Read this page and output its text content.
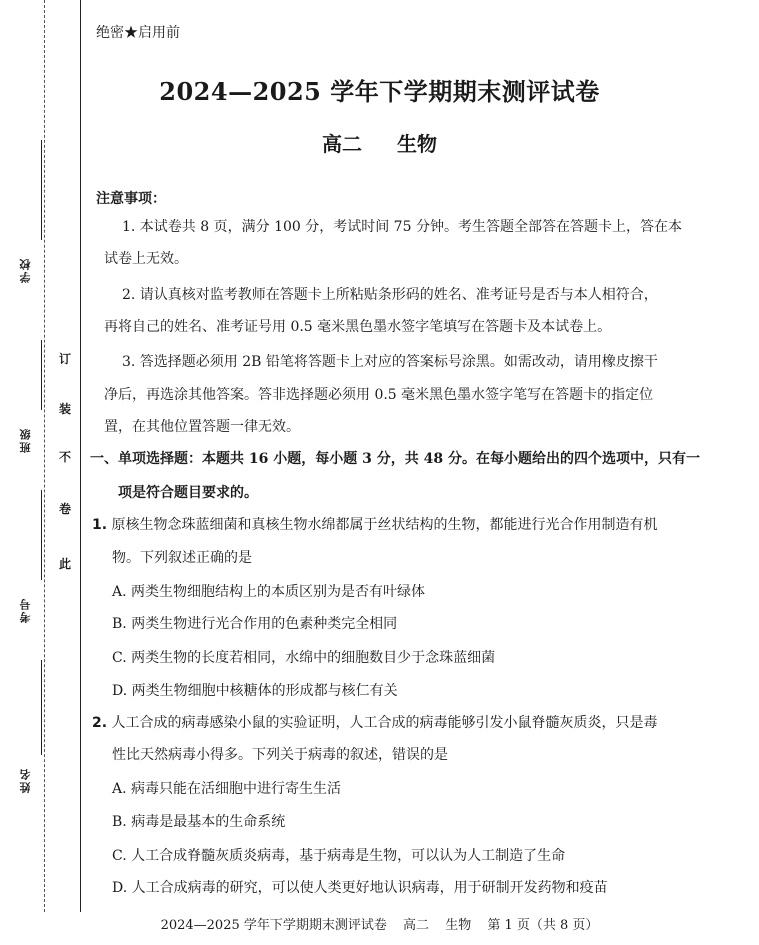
学校
班级
考号
姓名
此
卷
不
装
订
绝密★启用前
2024—2025 学年下学期期末测评试卷
高二 生物
注意事项：
1. 本试卷共 8 页，满分 100 分，考试时间 75 分钟。考生答题全部答在答题卡上，答在本
试卷上无效。
2. 请认真核对监考教师在答题卡上所粘贴条形码的姓名、准考证号是否与本人相符合，
再将自己的姓名、准考证号用 0.5 毫米黑色墨水签字笔填写在答题卡及本试卷上。
3. 答选择题必须用 2B 铅笔将答题卡上对应的答案标号涂黑。如需改动，请用橡皮擦干
净后，再选涂其他答案。答非选择题必须用 0.5 毫米黑色墨水签字笔写在答题卡的指定位
置，在其他位置答题一律无效。
一、单项选择题：本题共 16 小题，每小题 3 分，共 48 分。在每小题给出的四个选项中，只有一
项是符合题目要求的。
1. 原核生物念珠蓝细菌和真核生物水绵都属于丝状结构的生物，都能进行光合作用制造有机
物。下列叙述正确的是
A. 两类生物细胞结构上的本质区别为是否有叶绿体
B. 两类生物进行光合作用的色素种类完全相同
C. 两类生物的长度若相同，水绵中的细胞数目少于念珠蓝细菌
D. 两类生物细胞中核糖体的形成都与核仁有关
2. 人工合成的病毒感染小鼠的实验证明，人工合成的病毒能够引发小鼠脊髓灰质炎，只是毒
性比天然病毒小得多。下列关于病毒的叙述，错误的是
A. 病毒只能在活细胞中进行寄生生活
B. 病毒是最基本的生命系统
C. 人工合成脊髓灰质炎病毒，基于病毒是生物，可以认为人工制造了生命
D. 人工合成病毒的研究，可以使人类更好地认识病毒，用于研制开发药物和疫苗
2024—2025 学年下学期期末测评试卷 高二 生物 第 1 页（共 8 页）
